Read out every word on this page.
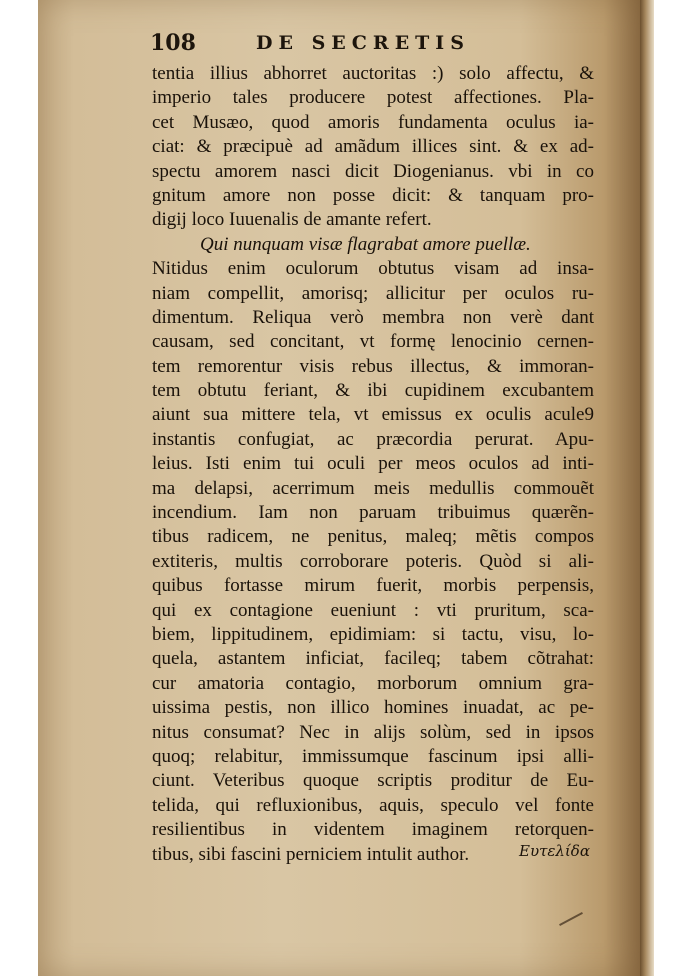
108	DE SECRETIS
tentia illius abhorret auctoritas :) solo affectu, &
imperio tales producere potest affectiones. Pla-
cet Musæo, quod amoris fundamenta oculus ia-
ciat: & præcipuè ad amãdum illices sint. & ex ad-
spectu amorem nasci dicit Diogenianus. vbi in co
gnitum amore non posse dicit: & tanquam pro-
digij loco Iuuenalis de amante refert.
Qui nunquam visæ flagrabat amore puellæ.
Nitidus enim oculorum obtutus visam ad insa-
niam compellit, amorisq; allicitur per oculos ru-
dimentum. Reliqua verò membra non verè dant
causam, sed concitant, vt formę lenocinio cernen-
tem remorentur visis rebus illectus, & immoran-
tem obtutu feriant, & ibi cupidinem excubantem
aiunt sua mittere tela, vt emissus ex oculis acule9
instantis confugiat, ac præcordia perurat. Apu-
leius. Isti enim tui oculi per meos oculos ad inti-
ma delapsi, acerrimum meis medullis commouẽt
incendium. Iam non paruam tribuimus quærẽn-
tibus radicem, ne penitus, maleq; mẽtis compos
extiteris, multis corroborare poteris. Quòd si ali-
quibus fortasse mirum fuerit, morbis perpensis,
qui ex contagione eueniunt : vti pruritum, sca-
biem, lippitudinem, epidimiam: si tactu, visu, lo-
quela, astantem inficiat, facileq; tabem cõtrahat:
cur amatoria contagio, morborum omnium gra-
uissima pestis, non illico homines inuadat, ac pe-
nitus consumat? Nec in alijs solùm, sed in ipsos
quoq; relabitur, immissumque fascinum ipsi alli-
ciunt. Veteribus quoque scriptis proditur de Eu-
telida, qui refluxionibus, aquis, speculo vel fonte
resilientibus in videntem imaginem retorquen-
tibus, sibi fascini perniciem intulit author.	Ευτελίδα
